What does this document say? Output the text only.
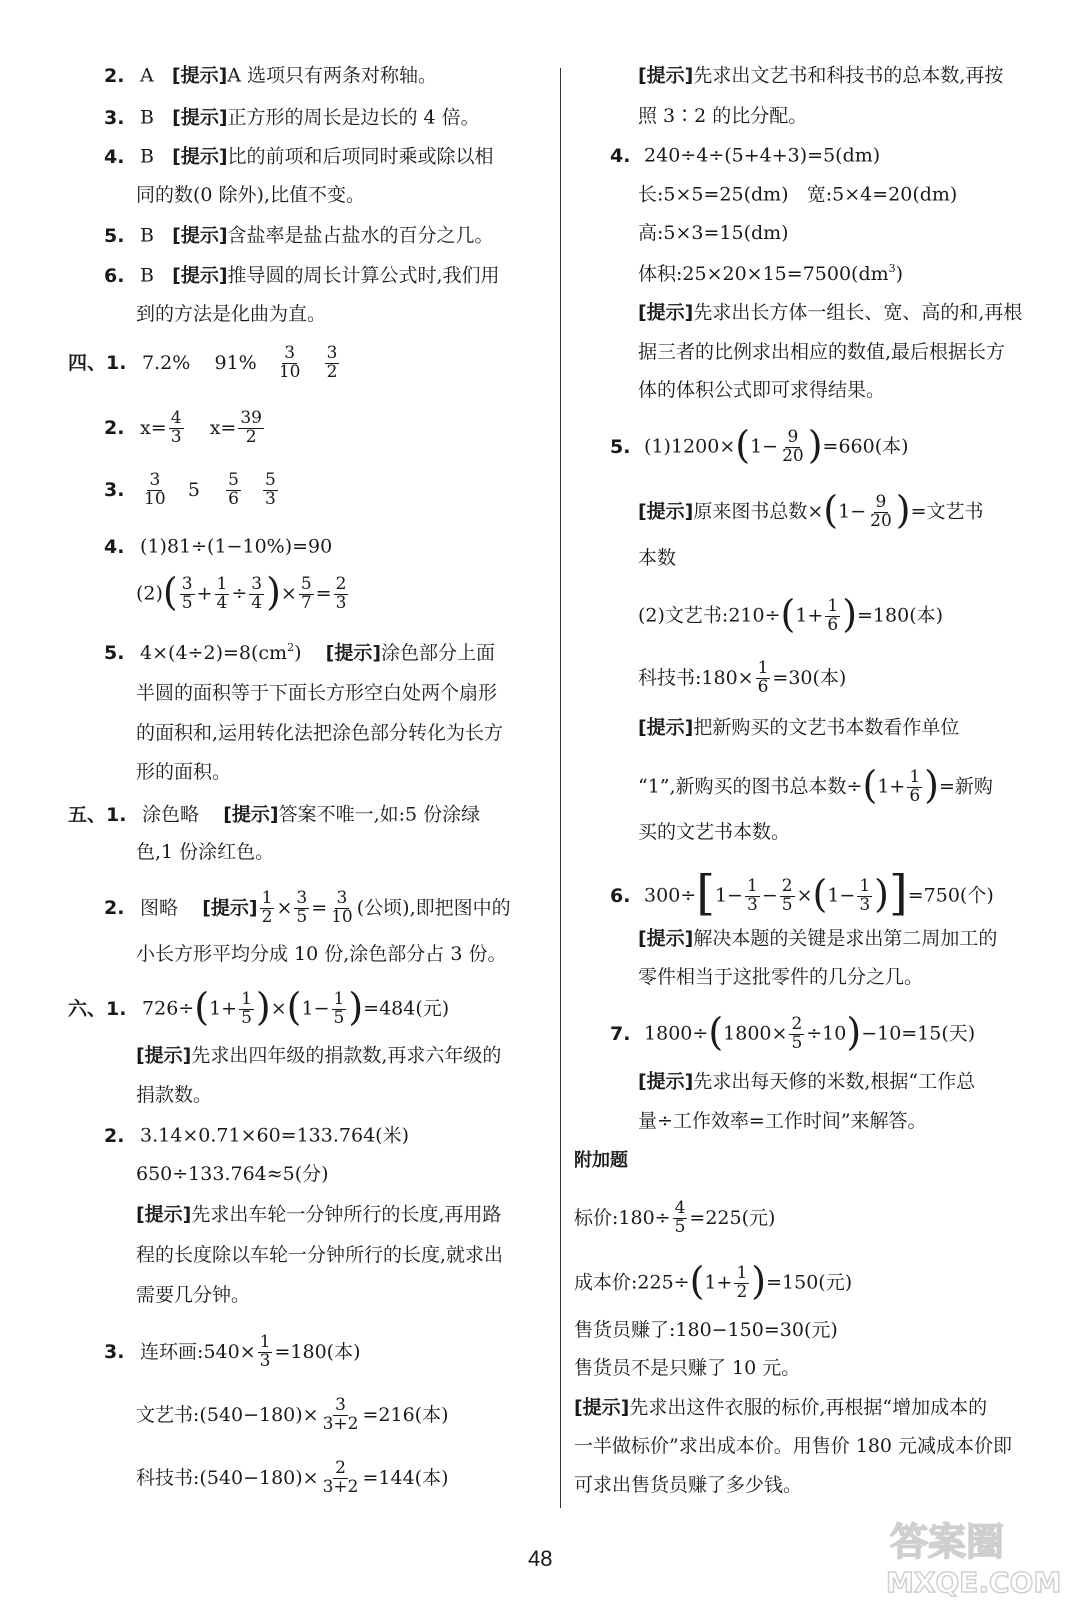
2. A [提示]A 选项只有两条对称轴。
3. B [提示]正方形的周长是边长的 4 倍。
4. B [提示]比的前项和后项同时乘或除以相
同的数(0 除外),比值不变。
5. B [提示]含盐率是盐占盐水的百分之几。
6. B [提示]推导圆的周长计算公式时,我们用
到的方法是化曲为直。
四、1. 7.2% $91\% \frac{3}{10}$
$\frac{3}{2}$
2. $x= \frac{4}{3} x= \frac{39}{2}$
3. $\frac{3}{10} 5 \frac{5}{6}$
$\frac{5}{3}$
4. (1)81÷(1−10%)=90
$(2)( \frac{3}{5} + \frac{1}{4} \div \frac{3}{4}$ )× $\frac{5}{7} = \frac{2}{3}$
5. $4\times(4\div 2)=8(cm^2)$ [提示]涂色部分上面
半圆的面积等于下面长方形空白处两个扇形
的面积和,运用转化法把涂色部分转化为长方
形的面积。
五、1. 涂色略 [提示]答案不唯一,如:5 份涂绿
色,1 份涂红色。
2. 图略 [提示] $\frac{1}{2} \times \frac{3}{5} = \frac{3}{10}$ (公顷),即把图中的
小长方形平均分成 10 份,涂色部分占 3 份。
六、1. $726\div(1+ \frac{1}{5} )\times(1- \frac{1}{5} )=484$(元)
[提示]先求出四年级的捐款数,再求六年级的
捐款数。
2. 3.14×0.71×60=133.764(米)
650÷133.764≈5(分)
[提示]先求出车轮一分钟所行的长度,再用路
程的长度除以车轮一分钟所行的长度,就求出
需要几分钟。
3. 连环画:540× $\frac{1}{3} =180$(本)
文艺书:(540−180)× $\frac{3}{3+2} =216$(本)
科技书:(540−180)× $\frac{2}{3+2} =144$(本)
[提示]先求出文艺书和科技书的总本数,再按
照 3∶2 的比分配。
4. 240÷4÷(5+4+3)=5(dm)
长:5×5=25(dm) 宽:5×4=20(dm)
高:5×3=15(dm)
体积$:25\times 20\times 15=7500(dm^3)$
[提示]先求出长方体一组长、宽、高的和,再根
据三者的比例求出相应的数值,最后根据长方
体的体积公式即可求得结果。
5. $(1)1200\times(1- \frac{9}{20} )=660$(本)
[提示]原来图书总数$\times(1- \frac{9}{20}$ )=文艺书
本数
(2)文艺书:210÷(1+ $\frac{1}{6} )=180$(本)
科技书:180× $\frac{1}{6} =30$(本)
[提示]把新购买的文艺书本数看作单位
“1”,新购买的图书总本数$\div(1+ \frac{1}{6}$ )=新购
买的文艺书本数。
6. $300\div[1- \frac{1}{3} - \frac{2}{5} \times(1- \frac{1}{3} )]=750$(个)
[提示]解决本题的关键是求出第二周加工的
零件相当于这批零件的几分之几。
7. $1800\div(1800\times \frac{2}{5} \div 10)-10=15$(天)
[提示]先求出每天修的米数,根据“工作总
量÷工作效率=工作时间”来解答。
附加题
标价:180÷ $\frac{4}{5} =225$(元)
成本价:225÷(1+ $\frac{1}{2} )=150$(元)
售货员赚了:180−150=30(元)
售货员不是只赚了 10 元。
[提示]先求出这件衣服的标价,再根据“增加成本的
一半做标价”求出成本价。用售价 180 元减成本价即
可求出售货员赚了多少钱。
48	答案圈
MXQE.COM
